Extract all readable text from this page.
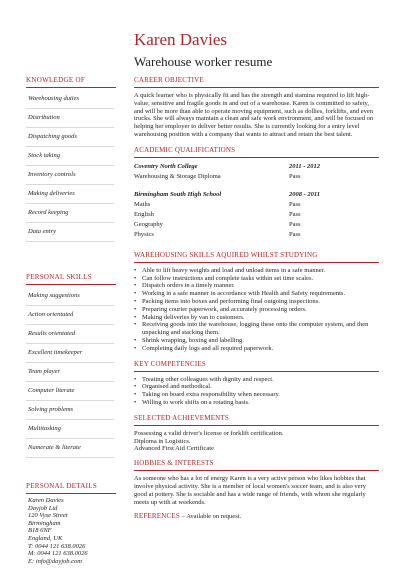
Karen Davies
Warehouse worker resume
KNOWLEDGE OF
Warehousing duties
Distribution
Dispatching goods
Stock taking
Inventory controls
Making deliveries
Record keeping
Data entry
PERSONAL SKILLS
Making suggestions
Action orientated
Results orientated
Excellent timekeeper
Team player
Computer literate
Solving problems
Multitasking
Numerate & literate
PERSONAL DETAILS
Karen Davies
Dayjob Ltd
120 Vyse Street
Birmingham
B18 6NF
England, UK
T: 0044 121 638.0026
M: 0044 121 638.0026
E: info@dayjob.com
CAREER OBJECTIVE
A quick learner who is physically fit and has the strength and stamina required to lift high-value, sensitive and fragile goods in and out of a warehouse. Karen is committed to safety, and will be more than able to operate moving equipment, such as dollies, forklifts, and even trucks. She will always maintain a clean and safe work environment, and will be focused on helping her employer to deliver better results. She is currently looking for a entry level warehousing position with a company that wants to attract and retain the best talent.
ACADEMIC QUALIFICATIONS
Coventry North College	2011 - 2012
Warehousing & Storage Diploma	Pass
Birmingham South High School	2008 - 2011
Maths	Pass
English	Pass
Geography	Pass
Physics	Pass
WAREHOUSING SKILLS AQUIRED WHILST STUDYING
• Able to lift heavy weights and load and unload items in a safe manner.
• Can follow instructions and complete tasks within set time scales.
• Dispatch orders in a timely manner.
• Working in a safe manner in accordance with Health and Safety requirements.
• Packing items into boxes and performing final outgoing inspections.
• Preparing courier paperwork, and accurately processing orders.
• Making deliveries by van to customers.
• Receiving goods into the warehouse, logging these onto the computer system, and then unpacking and stacking them.
• Shrink wrapping, boxing and labelling.
• Completing daily logs and all required paperwork.
KEY COMPETENCIES
• Treating other colleagues with dignity and respect.
• Organised and methodical.
• Taking on board extra responsibility when necessary.
• Willing to work shifts on a rotating basis.
SELECTED ACHIEVEMENTS
Possessing a valid driver's license or forklift certification.
Diploma in Logistics.
Advanced First Aid Certificate
HOBBIES & INTERESTS
As someone who has a lot of energy Karen is a very active person who likes hobbies that involve physical activity. She is a member of local women's soccer team, and is also very good at pottery. She is sociable and has a wide range of friends, with whom she regularly meets up with at weekends.
REFERENCES – Available on request.
